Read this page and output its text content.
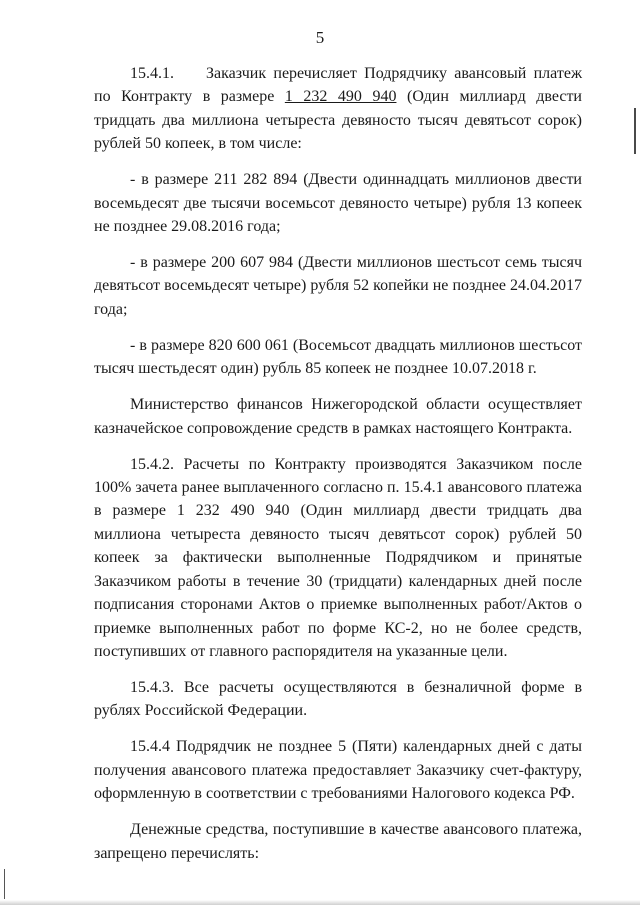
5

15.4.1. Заказчик перечисляет Подрядчику авансовый платеж по Контракту в размере 1 232 490 940 (Один миллиард двести тридцать два миллиона четыреста девяносто тысяч девятьсот сорок) рублей 50 копеек, в том числе:

- в размере 211 282 894 (Двести одиннадцать миллионов двести восемьдесят две тысячи восемьсот девяносто четыре) рубля 13 копеек не позднее 29.08.2016 года;

- в размере 200 607 984 (Двести миллионов шестьсот семь тысяч девятьсот восемьдесят четыре) рубля 52 копейки не позднее 24.04.2017 года;

- в размере 820 600 061 (Восемьсот двадцать миллионов шестьсот тысяч шестьдесят один) рубль 85 копеек не позднее 10.07.2018 г.

Министерство финансов Нижегородской области осуществляет казначейское сопровождение средств в рамках настоящего Контракта.

15.4.2. Расчеты по Контракту производятся Заказчиком после 100% зачета ранее выплаченного согласно п. 15.4.1 авансового платежа в размере 1 232 490 940 (Один миллиард двести тридцать два миллиона четыреста девяносто тысяч девятьсот сорок) рублей 50 копеек за фактически выполненные Подрядчиком и принятые Заказчиком работы в течение 30 (тридцати) календарных дней после подписания сторонами Актов о приемке выполненных работ/Актов о приемке выполненных работ по форме КС-2, но не более средств, поступивших от главного распорядителя на указанные цели.

15.4.3. Все расчеты осуществляются в безналичной форме в рублях Российской Федерации.

15.4.4 Подрядчик не позднее 5 (Пяти) календарных дней с даты получения авансового платежа предоставляет Заказчику счет-фактуру, оформленную в соответствии с требованиями Налогового кодекса РФ.

Денежные средства, поступившие в качестве авансового платежа, запрещено перечислять:
